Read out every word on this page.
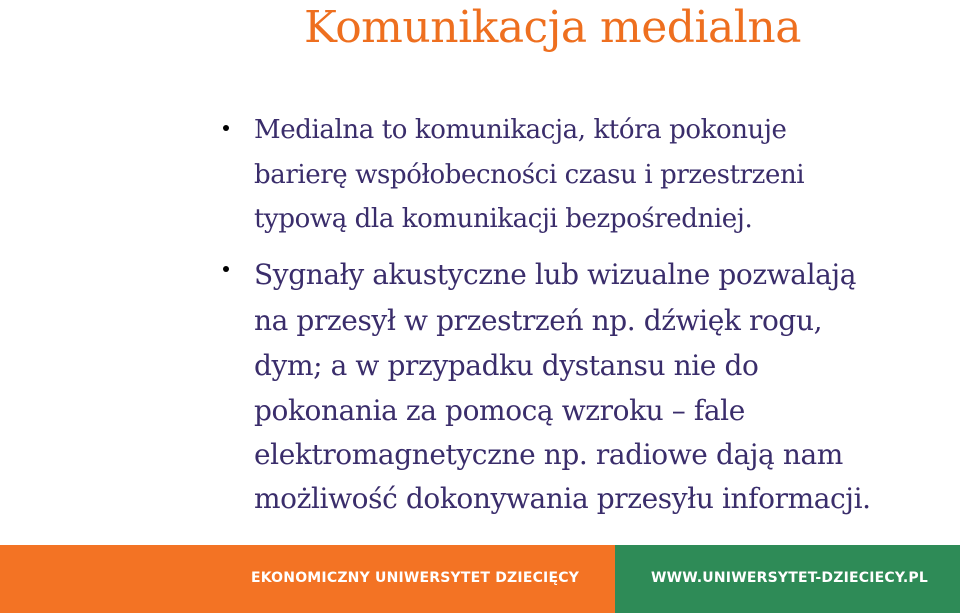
Komunikacja medialna

Medialna to komunikacja, która pokonuje

barierę współobecności czasu i przestrzeni

typową dla komunikacji bezpośredniej.

Sygnały akustyczne lub wizualne pozwalają

na przesył w przestrzeń np. dźwięk rogu,

dym; a w przypadku dystansu nie do

pokonania za pomocą wzroku – fale

elektromagnetyczne np. radiowe dają nam

możliwość dokonywania przesyłu informacji.

EKONOMICZNY UNIWERSYTET DZIECIĘCY	WWW.UNIWERSYTET-DZIECIECY.PL
